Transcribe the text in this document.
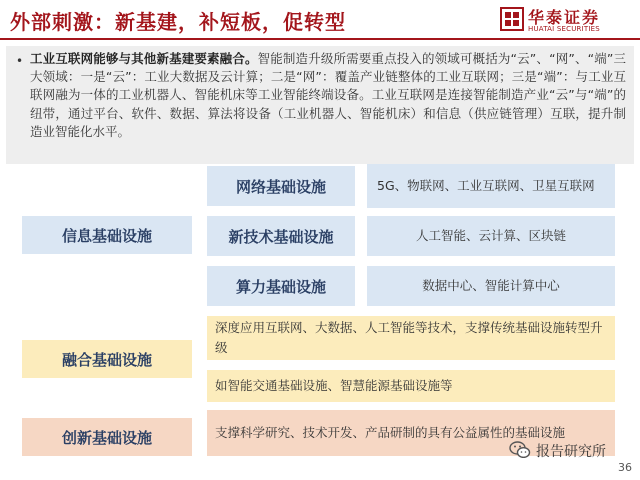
外部刺激：新基建，补短板，促转型	华泰证券
HUATAI SECURITIES
• 工业互联网能够与其他新基建要素融合。智能制造升级所需要重点投入的领域可概括为“云”、“网”、“端”三大领域：一是“云”：工业大数据及云计算；二是“网”：覆盖产业链整体的工业互联网；三是“端”：与工业互联网融为一体的工业机器人、智能机床等工业智能终端设备。工业互联网是连接智能制造产业“云”与“端”的纽带，通过平台、软件、数据、算法将设备（工业机器人、智能机床）和信息（供应链管理）互联，提升制造业智能化水平。
信息基础设施
网络基础设施	5G、物联网、工业互联网、卫星互联网
新技术基础设施	人工智能、云计算、区块链
算力基础设施	数据中心、智能计算中心
融合基础设施
深度应用互联网、大数据、人工智能等技术，支撑传统基础设施转型升级
如智能交通基础设施、智慧能源基础设施等
创新基础设施	支撑科学研究、技术开发、产品研制的具有公益属性的基础设施
报告研究所
36
